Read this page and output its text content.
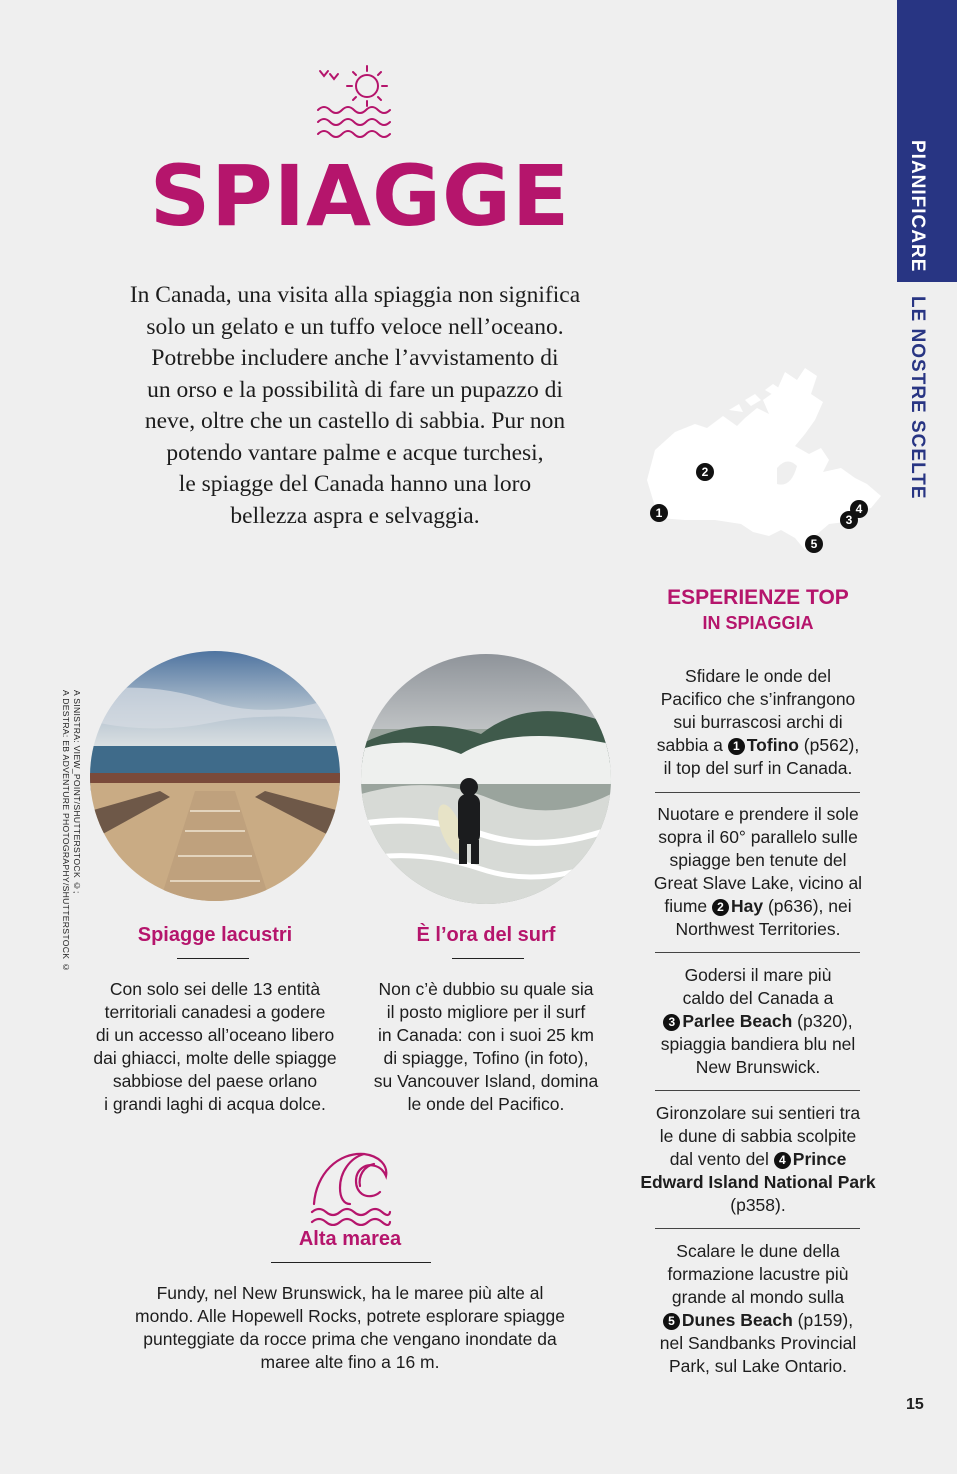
PIANIFICARE
LE NOSTRE SCELTE
SPIAGGE
In Canada, una visita alla spiaggia non significa
solo un gelato e un tuffo veloce nell’oceano.
Potrebbe includere anche l’avvistamento di
un orso e la possibilità di fare un pupazzo di
neve, oltre che un castello di sabbia. Pur non
potendo vantare palme e acque turchesi,
le spiagge del Canada hanno una loro
bellezza aspra e selvaggia.	1
2
3
4
5
A SINISTRA: VIEW_POINT/SHUTTERSTOCK ©;
A DESTRA: EB ADVENTURE PHOTOGRAPHY/SHUTTERSTOCK ©	Spiagge lacustri
Con solo sei delle 13 entità
territoriali canadesi a godere
di un accesso all’oceano libero
dai ghiacci, molte delle spiagge
sabbiose del paese orlano
i grandi laghi di acqua dolce.
È l’ora del surf
Non c’è dubbio su quale sia
il posto migliore per il surf
in Canada: con i suoi 25 km
di spiagge, Tofino (in foto),
su Vancouver Island, domina
le onde del Pacifico.
Alta marea
Fundy, nel New Brunswick, ha le maree più alte al
mondo. Alle Hopewell Rocks, potrete esplorare spiagge
punteggiate da rocce prima che vengano inondate da
maree alte fino a 16 m.
ESPERIENZE TOP
IN SPIAGGIA
Sfidare le onde del
Pacifico che s’infrangono
sui burrascosi archi di
sabbia a 1 Tofino (p562),
il top del surf in Canada.
Nuotare e prendere il sole
sopra il 60° parallelo sulle
spiagge ben tenute del
Great Slave Lake, vicino al
fiume 2 Hay (p636), nei
Northwest Territories.
Godersi il mare più
caldo del Canada a
3 Parlee Beach (p320),
spiaggia bandiera blu nel
New Brunswick.
Gironzolare sui sentieri tra
le dune di sabbia scolpite
dal vento del 4 Prince Edward Island National Park (p358).
Scalare le dune della
formazione lacustre più
grande al mondo sulla
5 Dunes Beach (p159),
nel Sandbanks Provincial
Park, sul Lake Ontario.
15
